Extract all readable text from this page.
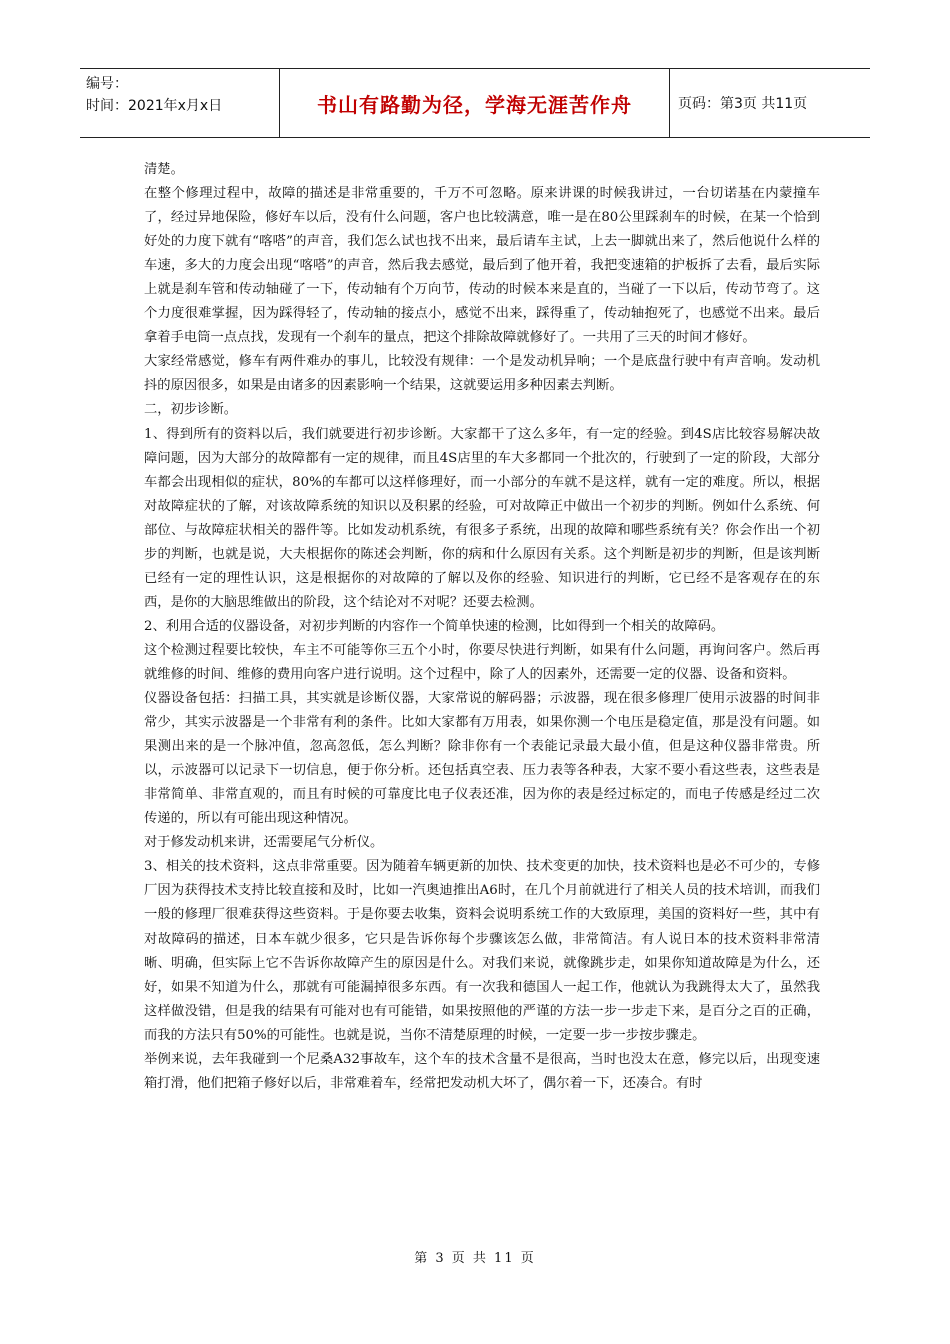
编号：
时间：2021年x月x日	书山有路勤为径，学海无涯苦作舟	页码：第3页 共11页

清楚。

在整个修理过程中，故障的描述是非常重要的，千万不可忽略。原来讲课的时候我讲过，一台切诺基在内蒙撞车了，经过异地保险，修好车以后，没有什么问题，客户也比较满意，唯一是在80公里踩刹车的时候，在某一个恰到好处的力度下就有“喀嗒”的声音，我们怎么试也找不出来，最后请车主试，上去一脚就出来了，然后他说什么样的车速，多大的力度会出现“喀嗒”的声音，然后我去感觉，最后到了他开着，我把变速箱的护板拆了去看，最后实际上就是刹车管和传动轴碰了一下，传动轴有个万向节，传动的时候本来是直的，当碰了一下以后，传动节弯了。这个力度很难掌握，因为踩得轻了，传动轴的接点小，感觉不出来，踩得重了，传动轴抱死了，也感觉不出来。最后拿着手电筒一点点找，发现有一个刹车的量点，把这个排除故障就修好了。一共用了三天的时间才修好。

大家经常感觉，修车有两件难办的事儿，比较没有规律：一个是发动机异响；一个是底盘行驶中有声音响。发动机抖的原因很多，如果是由诸多的因素影响一个结果，这就要运用多种因素去判断。

二，初步诊断。

1、得到所有的资料以后，我们就要进行初步诊断。大家都干了这么多年，有一定的经验。到4S店比较容易解决故障问题，因为大部分的故障都有一定的规律，而且4S店里的车大多都同一个批次的，行驶到了一定的阶段，大部分车都会出现相似的症状，80%的车都可以这样修理好，而一小部分的车就不是这样，就有一定的难度。所以，根据对故障症状的了解，对该故障系统的知识以及积累的经验，可对故障正中做出一个初步的判断。例如什么系统、何部位、与故障症状相关的器件等。比如发动机系统，有很多子系统，出现的故障和哪些系统有关？你会作出一个初步的判断，也就是说，大夫根据你的陈述会判断，你的病和什么原因有关系。这个判断是初步的判断，但是该判断已经有一定的理性认识，这是根据你的对故障的了解以及你的经验、知识进行的判断，它已经不是客观存在的东西，是你的大脑思维做出的阶段，这个结论对不对呢？还要去检测。

2、利用合适的仪器设备，对初步判断的内容作一个简单快速的检测，比如得到一个相关的故障码。

这个检测过程要比较快，车主不可能等你三五个小时，你要尽快进行判断，如果有什么问题，再询问客户。然后再就维修的时间、维修的费用向客户进行说明。这个过程中，除了人的因素外，还需要一定的仪器、设备和资料。

仪器设备包括：扫描工具，其实就是诊断仪器，大家常说的解码器；示波器，现在很多修理厂使用示波器的时间非常少，其实示波器是一个非常有利的条件。比如大家都有万用表，如果你测一个电压是稳定值，那是没有问题。如果测出来的是一个脉冲值，忽高忽低，怎么判断？除非你有一个表能记录最大最小值，但是这种仪器非常贵。所以，示波器可以记录下一切信息，便于你分析。还包括真空表、压力表等各种表，大家不要小看这些表，这些表是非常简单、非常直观的，而且有时候的可靠度比电子仪表还准，因为你的表是经过标定的，而电子传感是经过二次传递的，所以有可能出现这种情况。

对于修发动机来讲，还需要尾气分析仪。

3、相关的技术资料，这点非常重要。因为随着车辆更新的加快、技术变更的加快，技术资料也是必不可少的，专修厂因为获得技术支持比较直接和及时，比如一汽奥迪推出A6时，在几个月前就进行了相关人员的技术培训，而我们一般的修理厂很难获得这些资料。于是你要去收集，资料会说明系统工作的大致原理，美国的资料好一些，其中有对故障码的描述，日本车就少很多，它只是告诉你每个步骤该怎么做，非常简洁。有人说日本的技术资料非常清晰、明确，但实际上它不告诉你故障产生的原因是什么。对我们来说，就像跳步走，如果你知道故障是为什么，还好，如果不知道为什么，那就有可能漏掉很多东西。有一次我和德国人一起工作，他就认为我跳得太大了，虽然我这样做没错，但是我的结果有可能对也有可能错，如果按照他的严谨的方法一步一步走下来，是百分之百的正确，而我的方法只有50%的可能性。也就是说，当你不清楚原理的时候，一定要一步一步按步骤走。

举例来说，去年我碰到一个尼桑A32事故车，这个车的技术含量不是很高，当时也没太在意，修完以后，出现变速箱打滑，他们把箱子修好以后，非常难着车，经常把发动机大坏了，偶尔着一下，还凑合。有时

第 3 页 共 11 页
